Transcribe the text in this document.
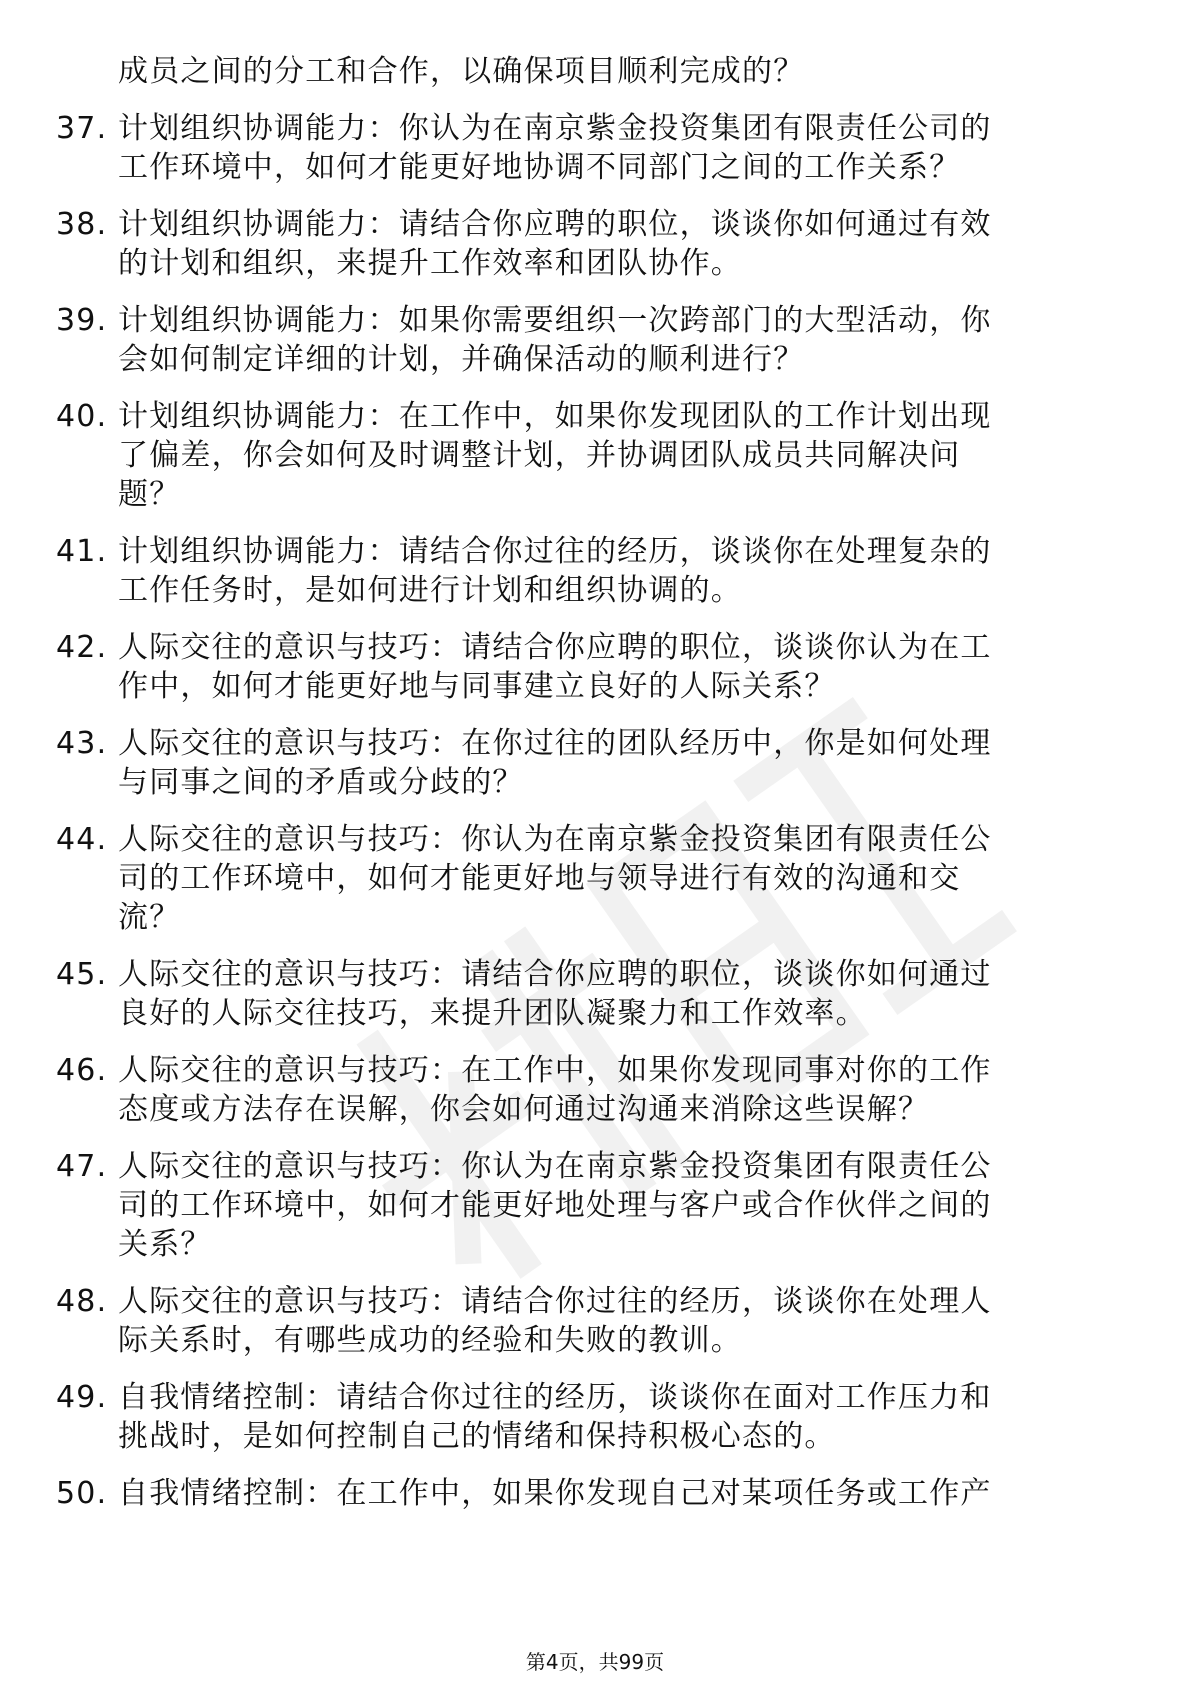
成员之间的分工和合作，以确保项目顺利完成的？
37. 计划组织协调能力：你认为在南京紫金投资集团有限责任公司的工作环境中，如何才能更好地协调不同部门之间的工作关系？
38. 计划组织协调能力：请结合你应聘的职位，谈谈你如何通过有效的计划和组织，来提升工作效率和团队协作。
39. 计划组织协调能力：如果你需要组织一次跨部门的大型活动，你会如何制定详细的计划，并确保活动的顺利进行？
40. 计划组织协调能力：在工作中，如果你发现团队的工作计划出现了偏差，你会如何及时调整计划，并协调团队成员共同解决问题？
41. 计划组织协调能力：请结合你过往的经历，谈谈你在处理复杂的工作任务时，是如何进行计划和组织协调的。
42. 人际交往的意识与技巧：请结合你应聘的职位，谈谈你认为在工作中，如何才能更好地与同事建立良好的人际关系？
43. 人际交往的意识与技巧：在你过往的团队经历中，你是如何处理与同事之间的矛盾或分歧的？
44. 人际交往的意识与技巧：你认为在南京紫金投资集团有限责任公司的工作环境中，如何才能更好地与领导进行有效的沟通和交流？
45. 人际交往的意识与技巧：请结合你应聘的职位，谈谈你如何通过良好的人际交往技巧，来提升团队凝聚力和工作效率。
46. 人际交往的意识与技巧：在工作中，如果你发现同事对你的工作态度或方法存在误解，你会如何通过沟通来消除这些误解？
47. 人际交往的意识与技巧：你认为在南京紫金投资集团有限责任公司的工作环境中，如何才能更好地处理与客户或合作伙伴之间的关系？
48. 人际交往的意识与技巧：请结合你过往的经历，谈谈你在处理人际关系时，有哪些成功的经验和失败的教训。
49. 自我情绪控制：请结合你过往的经历，谈谈你在面对工作压力和挑战时，是如何控制自己的情绪和保持积极心态的。
50. 自我情绪控制：在工作中，如果你发现自己对某项任务或工作产
第4页，共99页
